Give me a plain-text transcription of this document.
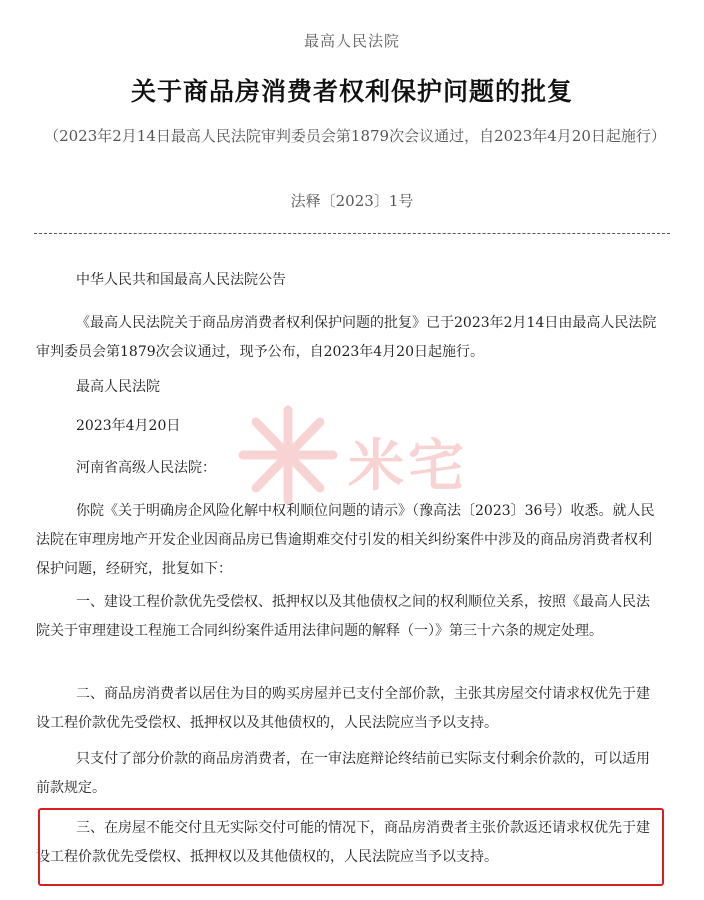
最高人民法院
关于商品房消费者权利保护问题的批复
（2023年2月14日最高人民法院审判委员会第1879次会议通过，自2023年4月20日起施行）
法释〔2023〕1号

中华人民共和国最高人民法院公告

《最高人民法院关于商品房消费者权利保护问题的批复》已于2023年2月14日由最高人民法院审判委员会第1879次会议通过，现予公布，自2023年4月20日起施行。

最高人民法院

2023年4月20日

河南省高级人民法院：

你院《关于明确房企风险化解中权利顺位问题的请示》（豫高法〔2023〕36号）收悉。就人民法院在审理房地产开发企业因商品房已售逾期难交付引发的相关纠纷案件中涉及的商品房消费者权利保护问题，经研究，批复如下：

一、建设工程价款优先受偿权、抵押权以及其他债权之间的权利顺位关系，按照《最高人民法院关于审理建设工程施工合同纠纷案件适用法律问题的解释（一）》第三十六条的规定处理。

二、商品房消费者以居住为目的购买房屋并已支付全部价款，主张其房屋交付请求权优先于建设工程价款优先受偿权、抵押权以及其他债权的，人民法院应当予以支持。

只支付了部分价款的商品房消费者，在一审法庭辩论终结前已实际支付剩余价款的，可以适用前款规定。

三、在房屋不能交付且无实际交付可能的情况下，商品房消费者主张价款返还请求权优先于建设工程价款优先受偿权、抵押权以及其他债权的，人民法院应当予以支持。

米宅
